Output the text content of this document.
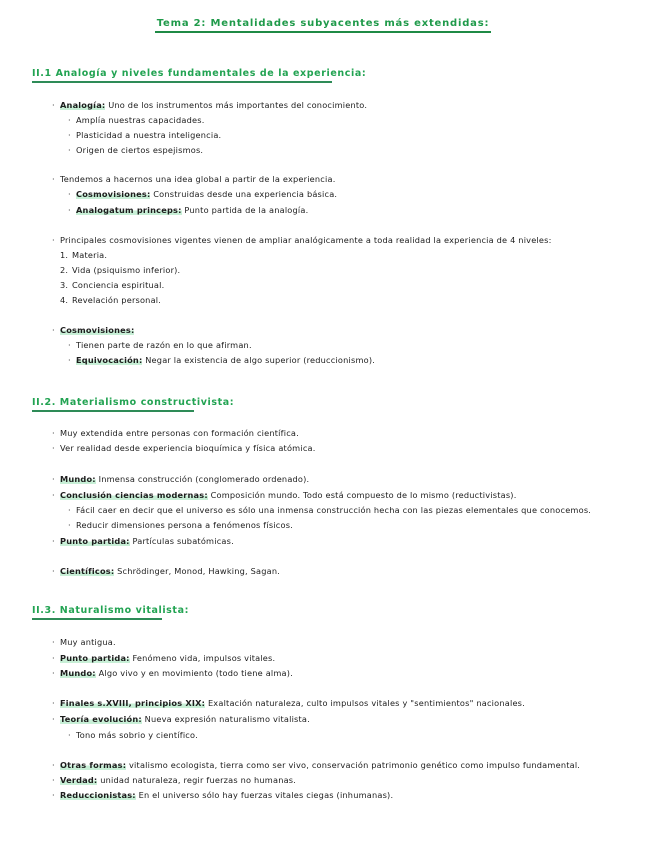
Tema 2: Mentalidades subyacentes más extendidas:
II.1 Analogía y niveles fundamentales de la experiencia:
· Analogía: Uno de los instrumentos más importantes del conocimiento.
· Amplía nuestras capacidades.
· Plasticidad a nuestra inteligencia.
· Origen de ciertos espejismos.
· Tendemos a hacernos una idea global a partir de la experiencia.
· Cosmovisiones: Construidas desde una experiencia básica.
· Analogatum princeps: Punto partida de la analogía.
· Principales cosmovisiones vigentes vienen de ampliar analógicamente a toda realidad la experiencia de 4 niveles:
1. Materia.
2. Vida (psiquismo inferior).
3. Conciencia espiritual.
4. Revelación personal.
· Cosmovisiones:
· Tienen parte de razón en lo que afirman.
· Equivocación: Negar la existencia de algo superior (reduccionismo).
II.2. Materialismo constructivista:
· Muy extendida entre personas con formación científica.
· Ver realidad desde experiencia bioquímica y física atómica.
· Mundo: Inmensa construcción (conglomerado ordenado).
· Conclusión ciencias modernas: Composición mundo. Todo está compuesto de lo mismo (reductivistas).
· Fácil caer en decir que el universo es sólo una inmensa construcción hecha con las piezas elementales que conocemos.
· Reducir dimensiones persona a fenómenos físicos.
· Punto partida: Partículas subatómicas.
· Científicos: Schrödinger, Monod, Hawking, Sagan.
II.3. Naturalismo vitalista:
· Muy antigua.
· Punto partida: Fenómeno vida, impulsos vitales.
· Mundo: Algo vivo y en movimiento (todo tiene alma).
· Finales s.XVIII, principios XIX: Exaltación naturaleza, culto impulsos vitales y "sentimientos" nacionales.
· Teoría evolución: Nueva expresión naturalismo vitalista.
· Tono más sobrio y científico.
· Otras formas: vitalismo ecologista, tierra como ser vivo, conservación patrimonio genético como impulso fundamental.
· Verdad: unidad naturaleza, regir fuerzas no humanas.
· Reduccionistas: En el universo sólo hay fuerzas vitales ciegas (inhumanas).
